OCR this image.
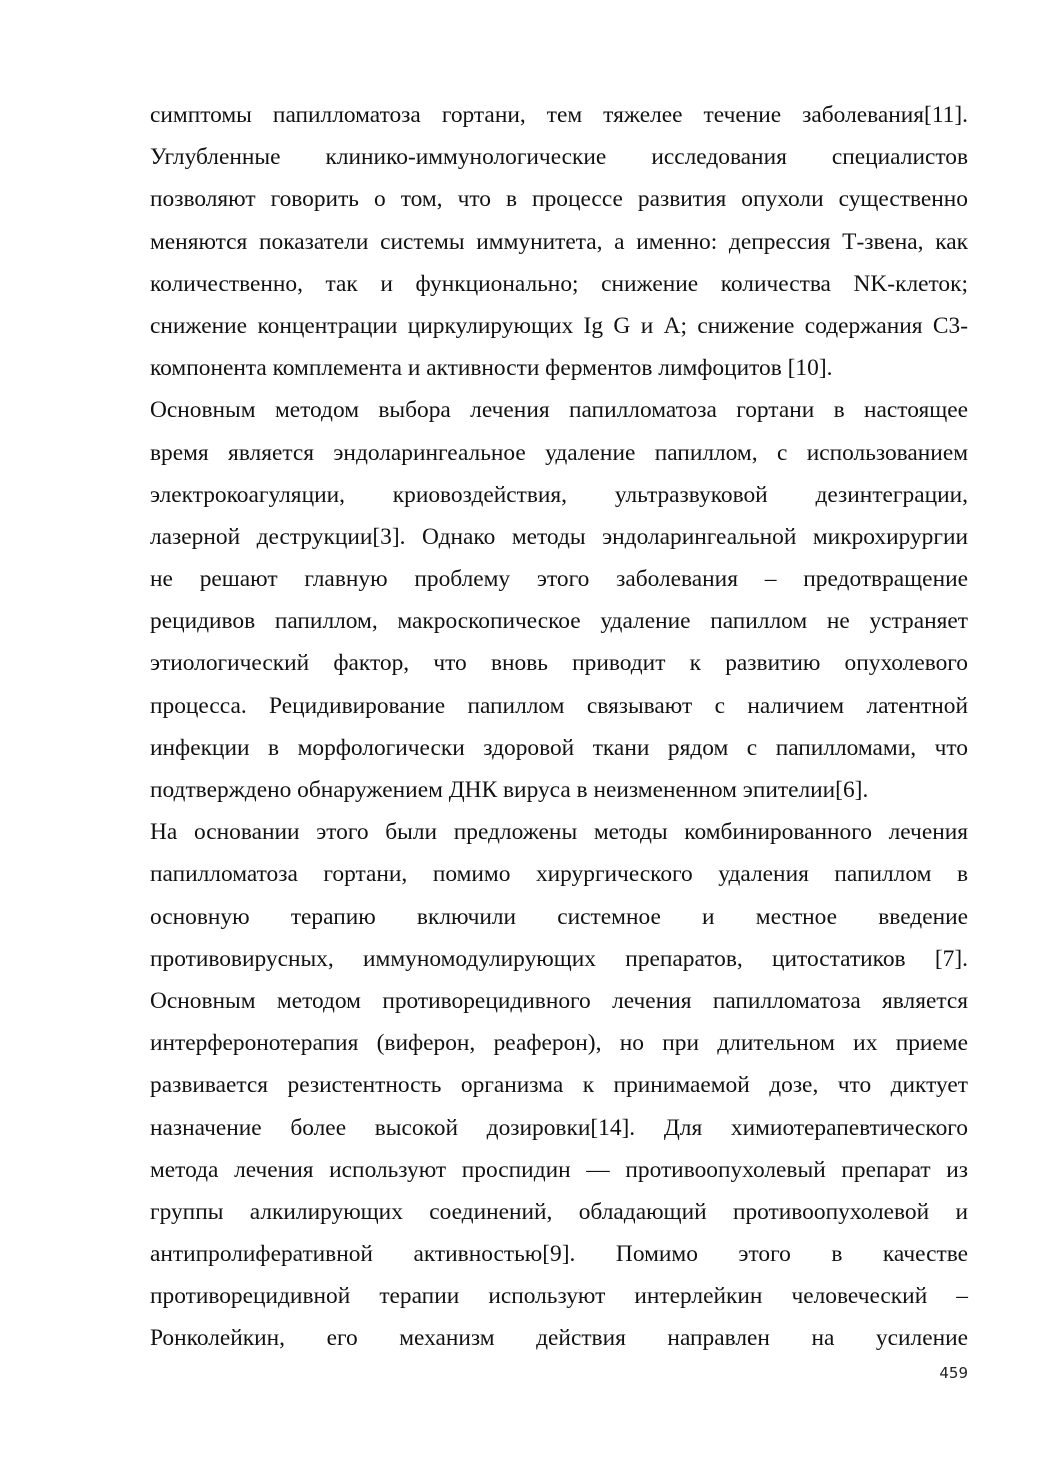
симптомы папилломатоза гортани, тем тяжелее течение заболевания[11].
Углубленные клинико-иммунологические исследования специалистов
позволяют говорить о том, что в процессе развития опухоли существенно
меняются показатели системы иммунитета, а именно: депрессия Т-звена, как
количественно, так и функционально; снижение количества NK-клеток;
снижение концентрации циркулирующих Ig G и A; снижение содержания С3-
компонента комплемента и активности ферментов лимфоцитов [10].
Основным методом выбора лечения папилломатоза гортани в настоящее
время является эндоларингеальное удаление папиллом, с использованием
электрокоагуляции, криовоздействия, ультразвуковой дезинтеграции,
лазерной деструкции[3]. Однако методы эндоларингеальной микрохирургии
не решают главную проблему этого заболевания – предотвращение
рецидивов папиллом, макроскопическое удаление папиллом не устраняет
этиологический фактор, что вновь приводит к развитию опухолевого
процесса. Рецидивирование папиллом связывают с наличием латентной
инфекции в морфологически здоровой ткани рядом с папилломами, что
подтверждено обнаружением ДНК вируса в неизмененном эпителии[6].
На основании этого были предложены методы комбинированного лечения
папилломатоза гортани, помимо хирургического удаления папиллом в
основную терапию включили системное и местное введение
противовирусных, иммуномодулирующих препаратов, цитостатиков [7].
Основным методом противорецидивного лечения папилломатоза является
интерферонотерапия (виферон, реаферон), но при длительном их приеме
развивается резистентность организма к принимаемой дозе, что диктует
назначение более высокой дозировки[14]. Для химиотерапевтического
метода лечения используют проспидин — противоопухолевый препарат из
группы алкилирующих соединений, обладающий противоопухолевой и
антипролиферативной активностью[9]. Помимо этого в качестве
противорецидивной терапии используют интерлейкин человеческий –
Ронколейкин, его механизм действия направлен на усиление
459
